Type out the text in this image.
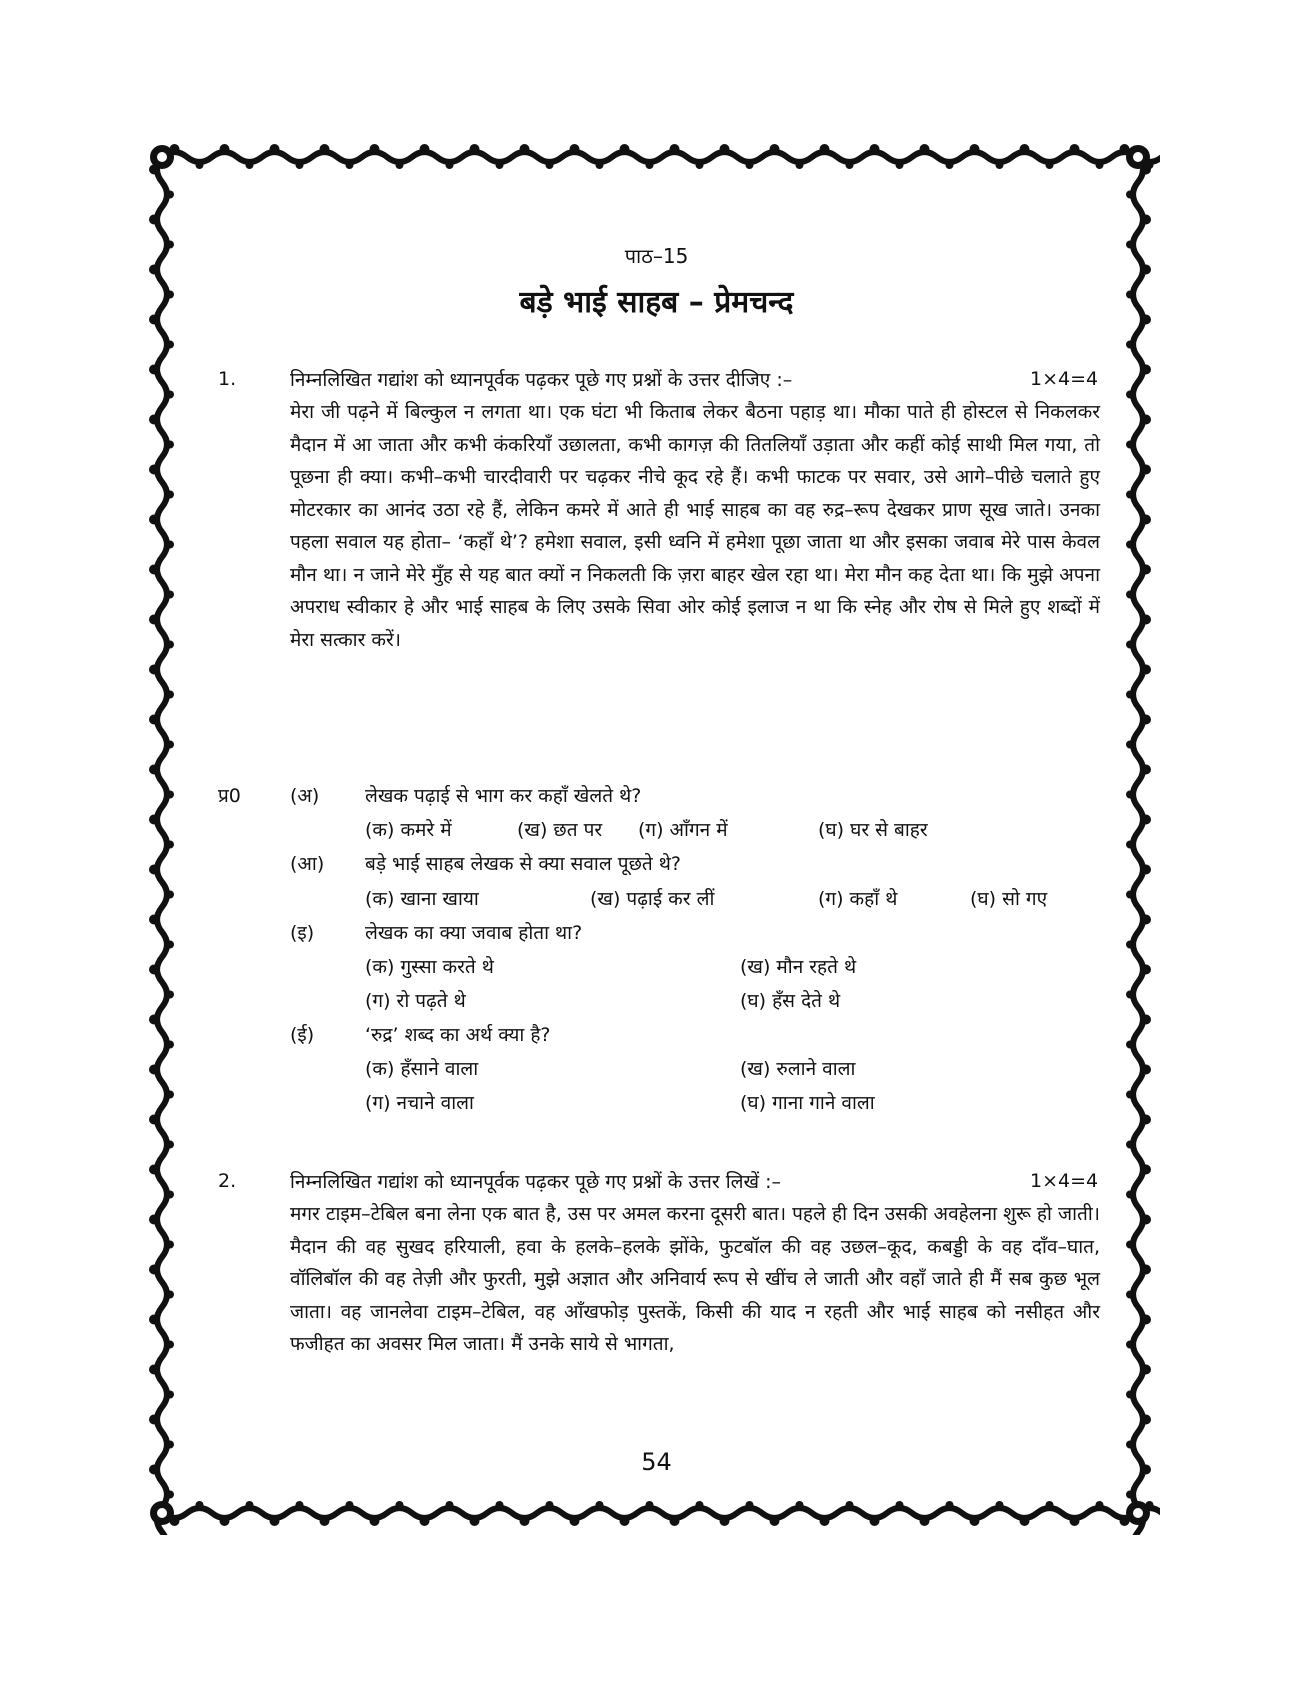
पाठ–15
बड़े भाई साहब – प्रेमचन्द
1.	निम्नलिखित गद्यांश को ध्यानपूर्वक पढ़कर पूछे गए प्रश्नों के उत्तर दीजिए :–	1×4=4

मेरा जी पढ़ने में बिल्कुल न लगता था। एक घंटा भी किताब लेकर बैठना पहाड़ था। मौका पाते ही होस्टल से निकलकर मैदान में आ जाता और कभी कंकरियाँ उछालता, कभी कागज़ की तितलियाँ उड़ाता और कहीं कोई साथी मिल गया, तो पूछना ही क्या। कभी–कभी चारदीवारी पर चढ़कर नीचे कूद रहे हैं। कभी फाटक पर सवार, उसे आगे–पीछे चलाते हुए मोटरकार का आनंद उठा रहे हैं, लेकिन कमरे में आते ही भाई साहब का वह रुद्र–रूप देखकर प्राण सूख जाते। उनका पहला सवाल यह होता– ‘कहाँ थे’? हमेशा सवाल, इसी ध्वनि में हमेशा पूछा जाता था और इसका जवाब मेरे पास केवल मौन था। न जाने मेरे मुँह से यह बात क्यों न निकलती कि ज़रा बाहर खेल रहा था। मेरा मौन कह देता था। कि मुझे अपना अपराध स्वीकार हे और भाई साहब के लिए उसके सिवा ओर कोई इलाज न था कि स्नेह और रोष से मिले हुए शब्दों में मेरा सत्कार करें।

प्र0	(अ) लेखक पढ़ाई से भाग कर कहाँ खेलते थे?
(क) कमरे में	(ख) छत पर (ग) आँगन में	(घ) घर से बाहर
(आ) बड़े भाई साहब लेखक से क्या सवाल पूछते थे?
(क) खाना खाया	(ख) पढ़ाई कर लीं	(ग) कहाँ थे	(घ) सो गए
(इ)	लेखक का क्या जवाब होता था?
(क) गुस्सा करते थे	(ख) मौन रहते थे
(ग) रो पढ़ते थे	(घ) हँस देते थे
(ई)	‘रुद्र’ शब्द का अर्थ क्या है?
(क) हँसाने वाला	(ख) रुलाने वाला
(ग) नचाने वाला	(घ) गाना गाने वाला
2.	निम्नलिखित गद्यांश को ध्यानपूर्वक पढ़कर पूछे गए प्रश्नों के उत्तर लिखें :–	1×4=4

मगर टाइम–टेबिल बना लेना एक बात है, उस पर अमल करना दूसरी बात। पहले ही दिन उसकी अवहेलना शुरू हो जाती। मैदान की वह सुखद हरियाली, हवा के हलके–हलके झोंके, फुटबॉल की वह उछल–कूद, कबड्डी के वह दाँव–घात, वॉलिबॉल की वह तेज़ी और फुरती, मुझे अज्ञात और अनिवार्य रूप से खींच ले जाती और वहाँ जाते ही मैं सब कुछ भूल जाता। वह जानलेवा टाइम–टेबिल, वह आँखफोड़ पुस्तकें, किसी की याद न रहती और भाई साहब को नसीहत और फजीहत का अवसर मिल जाता। मैं उनके साये से भागता,

54
